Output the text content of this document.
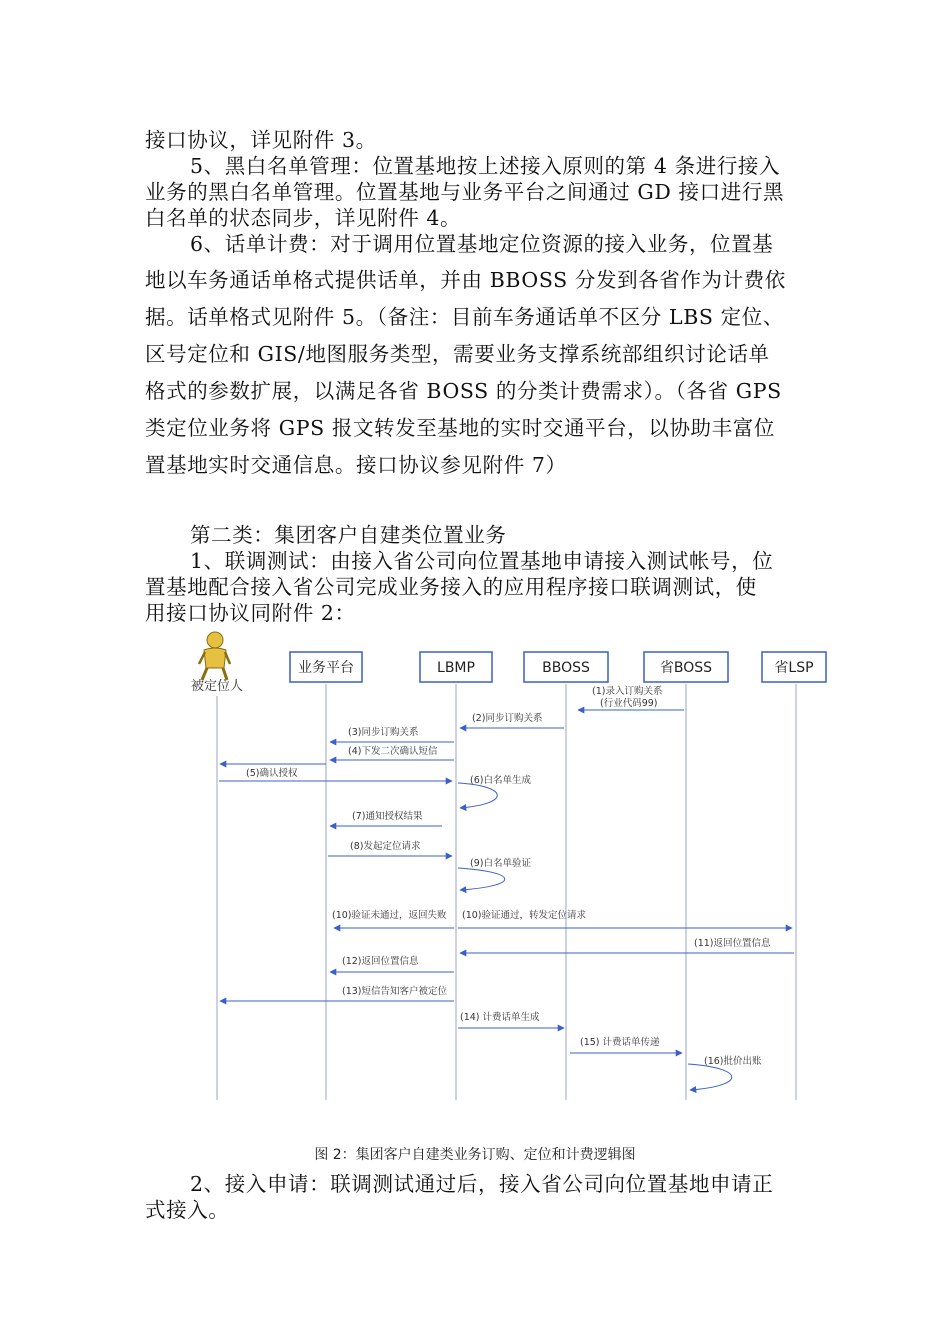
接口协议，详见附件 3。
5、黑白名单管理：位置基地按上述接入原则的第 4 条进行接入
业务的黑白名单管理。位置基地与业务平台之间通过 GD 接口进行黑
白名单的状态同步，详见附件 4。
6、话单计费：对于调用位置基地定位资源的接入业务，位置基
地以车务通话单格式提供话单，并由 BBOSS 分发到各省作为计费依
据。话单格式见附件 5。（备注：目前车务通话单不区分 LBS 定位、
区号定位和 GIS/地图服务类型，需要业务支撑系统部组织讨论话单
格式的参数扩展，以满足各省 BOSS 的分类计费需求）。（各省 GPS
类定位业务将 GPS 报文转发至基地的实时交通平台，以协助丰富位
置基地实时交通信息。接口协议参见附件 7）
第二类：集团客户自建类位置业务
1、联调测试：由接入省公司向位置基地申请接入测试帐号，位
置基地配合接入省公司完成业务接入的应用程序接口联调测试，使
用接口协议同附件 2：
被定位人
业务平台	LBMP	BBOSS	省BOSS	省LSP
(1)录入订购关系
(行业代码99)
(2)同步订购关系
(3)同步订购关系
(4)下发二次确认短信
(5)确认授权
(6)白名单生成
(7)通知授权结果
(8)发起定位请求
(9)白名单验证
(10)验证未通过，返回失败 (10)验证通过，转发定位请求
(11)返回位置信息
(12)返回位置信息
(13)短信告知客户被定位
(14) 计费话单生成
(15) 计费话单传递
(16)批价出账
图 2：集团客户自建类业务订购、定位和计费逻辑图
2、接入申请：联调测试通过后，接入省公司向位置基地申请正
式接入。
